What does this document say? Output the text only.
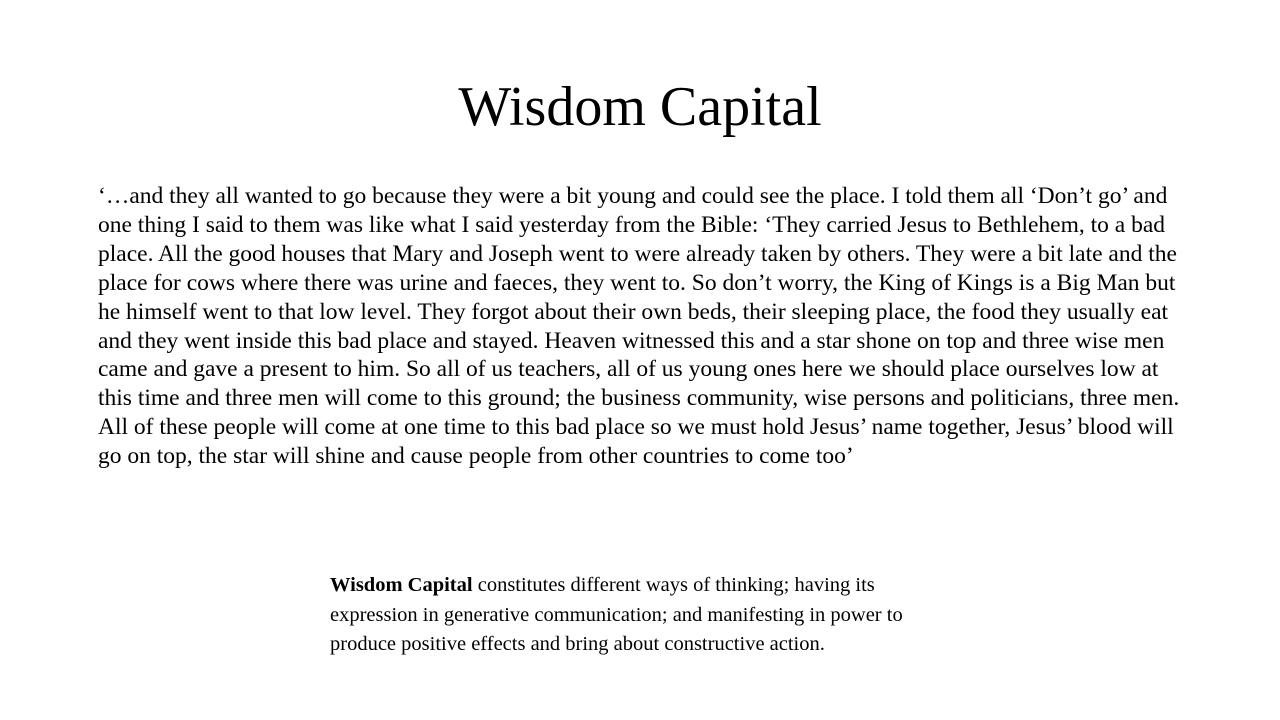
Wisdom Capital

‘…and they all wanted to go because they were a bit young and could see the place. I told them all ‘Don’t go’ and one thing I said to them was like what I said yesterday from the Bible: ‘They carried Jesus to Bethlehem, to a bad place. All the good houses that Mary and Joseph went to were already taken by others. They were a bit late and the place for cows where there was urine and faeces, they went to. So don’t worry, the King of Kings is a Big Man but he himself went to that low level. They forgot about their own beds, their sleeping place, the food they usually eat and they went inside this bad place and stayed. Heaven witnessed this and a star shone on top and three wise men came and gave a present to him. So all of us teachers, all of us young ones here we should place ourselves low at this time and three men will come to this ground; the business community, wise persons and politicians, three men. All of these people will come at one time to this bad place so we must hold Jesus’ name together, Jesus’ blood will go on top, the star will shine and cause people from other countries to come too’

Wisdom Capital constitutes different ways of thinking; having its expression in generative communication; and manifesting in power to produce positive effects and bring about constructive action.
